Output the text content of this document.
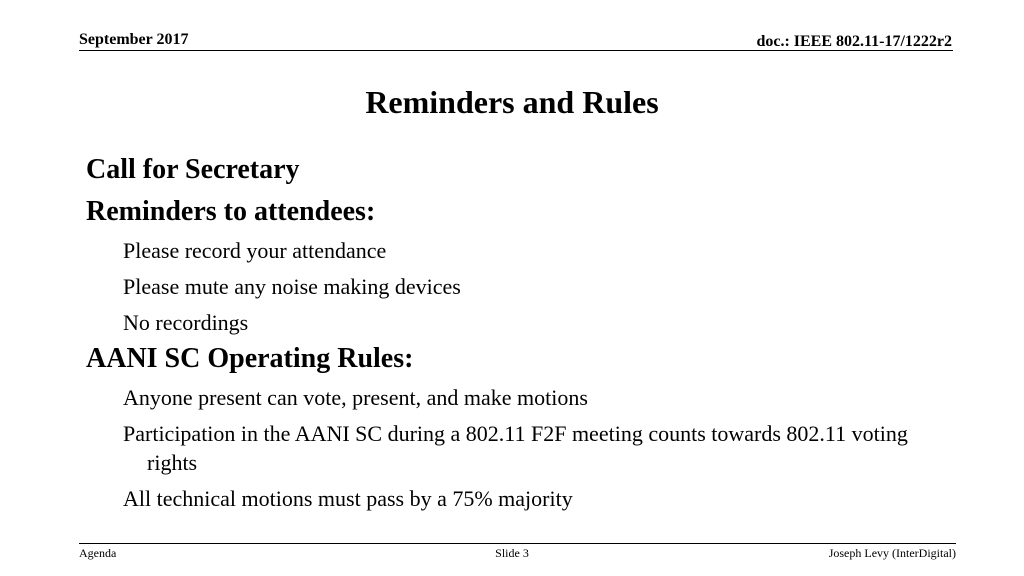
September 2017	doc.: IEEE 802.11-17/1222r2
Reminders and Rules
Call for Secretary
Reminders to attendees:
Please record your attendance
Please mute any noise making devices
No recordings
AANI SC Operating Rules:
Anyone present can vote, present, and make motions
Participation in the AANI SC during a 802.11 F2F meeting counts towards 802.11 voting rights
All technical motions must pass by a 75% majority
Agenda	Slide 3	Joseph Levy (InterDigital)
